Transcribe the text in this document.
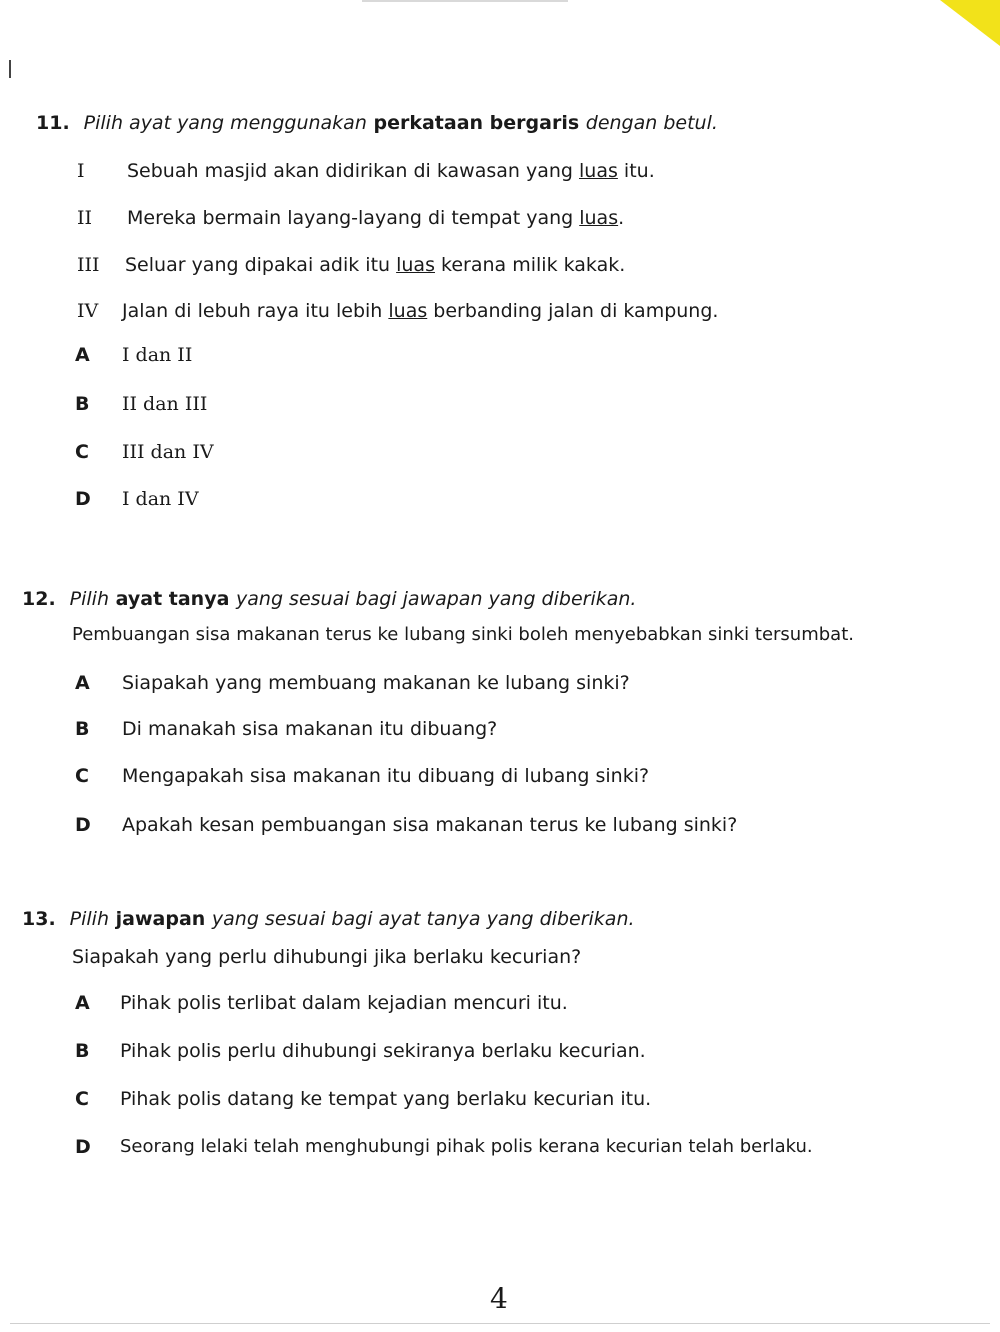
11. Pilih ayat yang menggunakan perkataan bergaris dengan betul.
I Sebuah masjid akan didirikan di kawasan yang luas itu.
II Mereka bermain layang-layang di tempat yang luas.
III Seluar yang dipakai adik itu luas kerana milik kakak.
IV Jalan di lebuh raya itu lebih luas berbanding jalan di kampung.
A I dan II
B II dan III
C III dan IV
D I dan IV
12. Pilih ayat tanya yang sesuai bagi jawapan yang diberikan.
Pembuangan sisa makanan terus ke lubang sinki boleh menyebabkan sinki tersumbat.
A Siapakah yang membuang makanan ke lubang sinki?
B Di manakah sisa makanan itu dibuang?
C Mengapakah sisa makanan itu dibuang di lubang sinki?
D Apakah kesan pembuangan sisa makanan terus ke lubang sinki?
13. Pilih jawapan yang sesuai bagi ayat tanya yang diberikan.
Siapakah yang perlu dihubungi jika berlaku kecurian?
A Pihak polis terlibat dalam kejadian mencuri itu.
B Pihak polis perlu dihubungi sekiranya berlaku kecurian.
C Pihak polis datang ke tempat yang berlaku kecurian itu.
D Seorang lelaki telah menghubungi pihak polis kerana kecurian telah berlaku.
4
